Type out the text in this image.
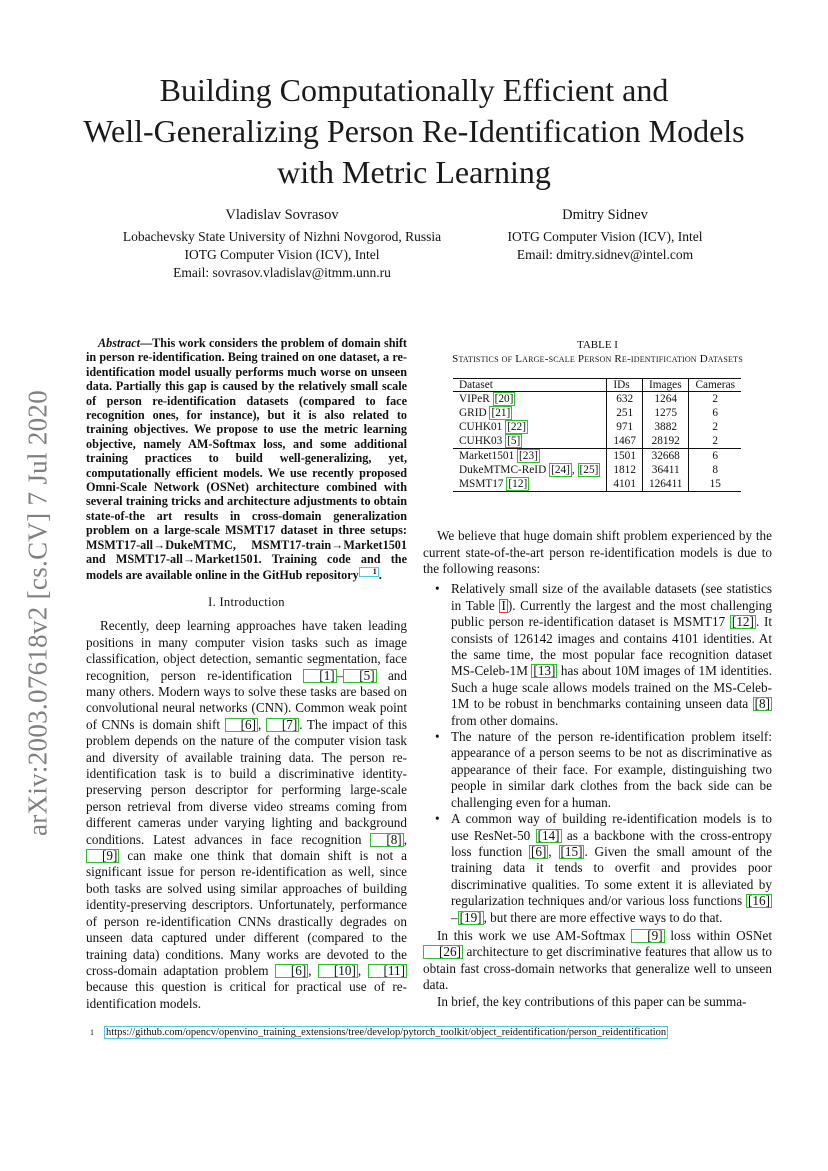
Building Computationally Efficient and
Well-Generalizing Person Re-Identification Models
with Metric Learning
Vladislav Sovrasov
Lobachevsky State University of Nizhni Novgorod, Russia
IOTG Computer Vision (ICV), Intel
Email: sovrasov.vladislav@itmm.unn.ru
Dmitry Sidnev
IOTG Computer Vision (ICV), Intel
Email: dmitry.sidnev@intel.com
arXiv:2003.07618v2 [cs.CV] 7 Jul 2020

Abstract—This work considers the problem of domain shift in person re-identification. Being trained on one dataset, a re-identification model usually performs much worse on unseen data. Partially this gap is caused by the relatively small scale of person re-identification datasets (compared to face recognition ones, for instance), but it is also related to training objectives. We propose to use the metric learning objective, namely AM-Softmax loss, and some additional training practices to build well-generalizing, yet, computationally efficient models. We use recently proposed Omni-Scale Network (OSNet) architecture combined with several training tricks and architecture adjustments to obtain state-of-the art results in cross-domain generalization problem on a large-scale MSMT17 dataset in three setups: MSMT17-all→DukeMTMC, MSMT17-train→Market1501 and MSMT17-all→Market1501. Training code and the models are available online in the GitHub repository $^1$ .

I. Introduction

Recently, deep learning approaches have taken leading positions in many computer vision tasks such as image classification, object detection, semantic segmentation, face recognition, person re-identification [1] – [5] and many others. Modern ways to solve these tasks are based on convolutional neural networks (CNN). Common weak point of CNNs is domain shift [6] , [7] . The impact of this problem depends on the nature of the computer vision task and diversity of available training data. The person re-identification task is to build a discriminative identity-preserving person descriptor for performing large-scale person retrieval from diverse video streams coming from different cameras under varying lighting and background conditions. Latest advances in face recognition [8] , [9] can make one think that domain shift is not a significant issue for person re-identification as well, since both tasks are solved using similar approaches of building identity-preserving descriptors. Unfortunately, performance of person re-identification CNNs drastically degrades on unseen data captured under different (compared to the training data) conditions. Many works are devoted to the cross-domain adaptation problem [6] , [10] , [11] because this question is critical for practical use of re-identification models.

$^1$ https://github.com/opencv/openvino_training_extensions/tree/develop/pytorch_toolkit/object_reidentification/person_reidentification
TABLE I
Statistics of Large-scale Person Re-identification Datasets
Dataset	IDs	Images	Cameras
VIPeR [20]	632	1264	2
GRID [21]	251	1275	6
CUHK01 [22]	971	3882	2
CUHK03 [5]	1467	28192	2
Market1501 [23]	1501	32668	6
DukeMTMC-ReID [24] , [25]	1812	36411	8
MSMT17 [12]	4101	126411	15

We believe that huge domain shift problem experienced by the current state-of-the-art person re-identification models is due to the following reasons:

• Relatively small size of the available datasets (see statistics in Table I ). Currently the largest and the most challenging public person re-identification dataset is MSMT17 [12] . It consists of 126142 images and contains 4101 identities. At the same time, the most popular face recognition dataset MS-Celeb-1M [13] has about 10M images of 1M identities. Such a huge scale allows models trained on the MS-Celeb-1M to be robust in benchmarks containing unseen data [8] from other domains.
• The nature of the person re-identification problem itself: appearance of a person seems to be not as discriminative as appearance of their face. For example, distinguishing two people in similar dark clothes from the back side can be challenging even for a human.
• A common way of building re-identification models is to use ResNet-50 [14] as a backbone with the cross-entropy loss function [6] , [15] . Given the small amount of the training data it tends to overfit and provides poor discriminative qualities. To some extent it is alleviated by regularization techniques and/or various loss functions [16]– [19] , but there are more effective ways to do that.

In this work we use AM-Softmax [9] loss within OSNet [26] architecture to get discriminative features that allow us to obtain fast cross-domain networks that generalize well to unseen data.

In brief, the key contributions of this paper can be summa-
